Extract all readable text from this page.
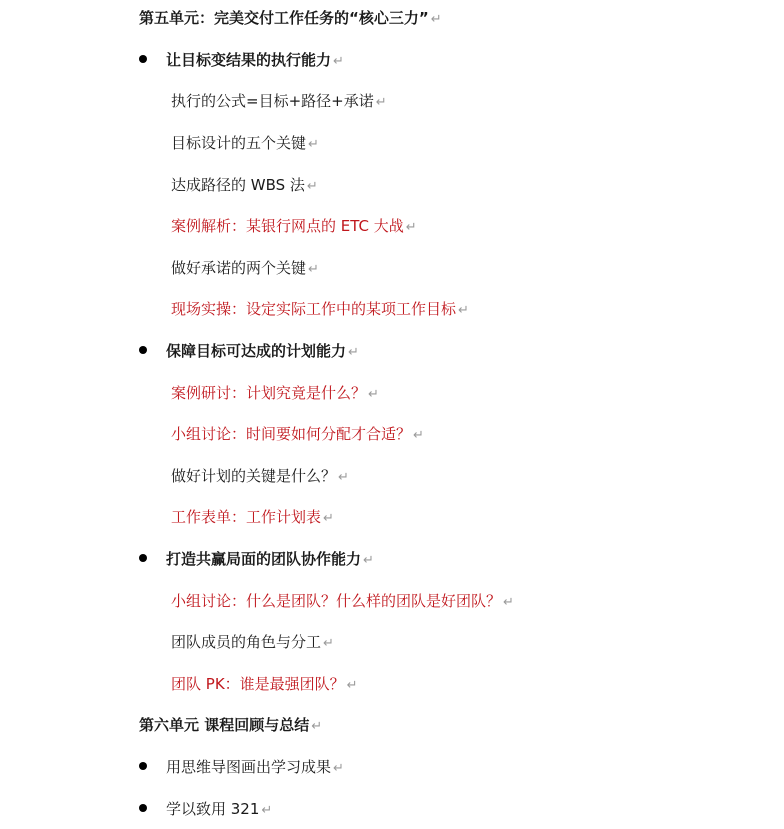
第五单元：完美交付工作任务的“核心三力” ↵
让目标变结果的执行能力 ↵
执行的公式=目标+路径+承诺 ↵
目标设计的五个关键 ↵
达成路径的 WBS 法 ↵
案例解析：某银行网点的 ETC 大战 ↵
做好承诺的两个关键 ↵
现场实操：设定实际工作中的某项工作目标 ↵
保障目标可达成的计划能力 ↵
案例研讨：计划究竟是什么？ ↵
小组讨论：时间要如何分配才合适？ ↵
做好计划的关键是什么？ ↵
工作表单：工作计划表 ↵
打造共赢局面的团队协作能力 ↵
小组讨论：什么是团队？什么样的团队是好团队？ ↵
团队成员的角色与分工 ↵
团队 PK：谁是最强团队？ ↵
第六单元 课程回顾与总结 ↵
用思维导图画出学习成果 ↵
学以致用 321 ↵
